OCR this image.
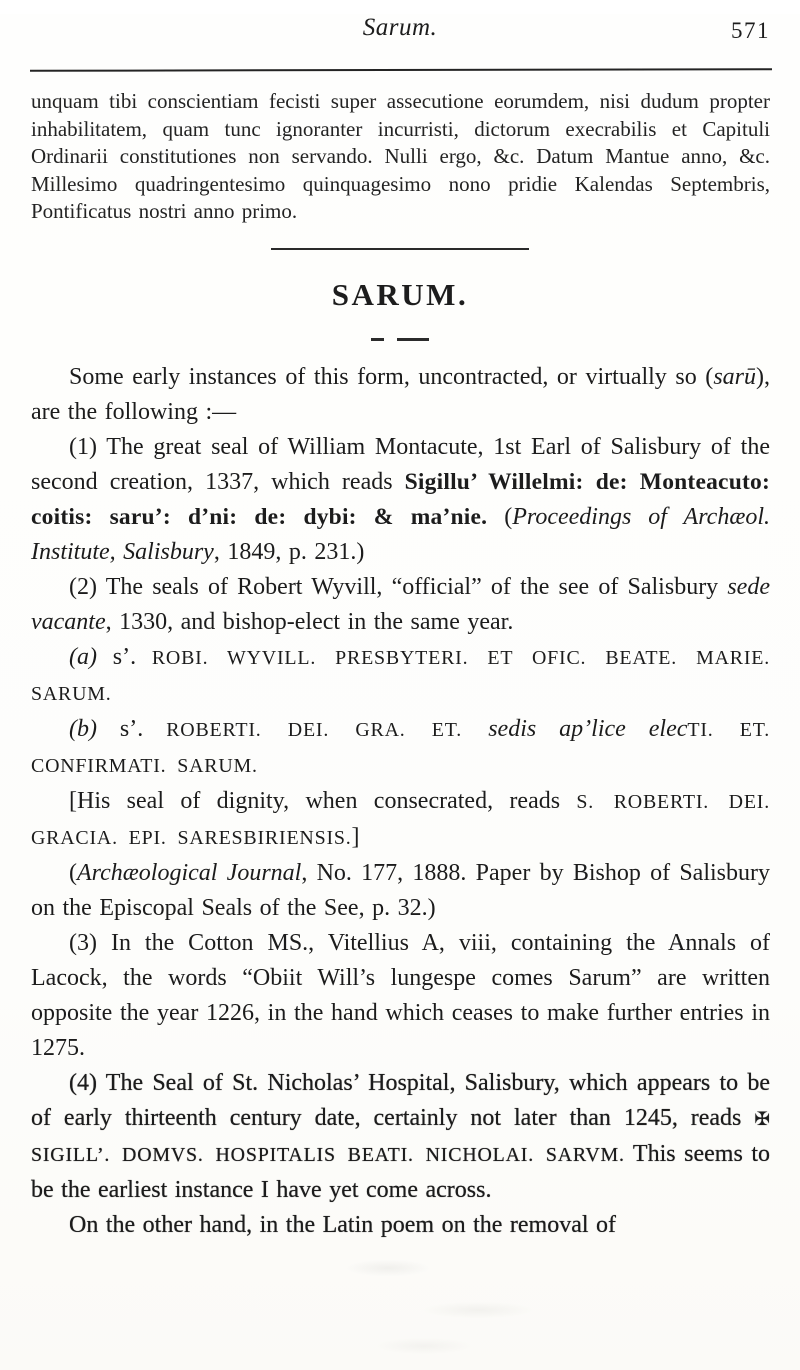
Sarum.	571

unquam tibi conscientiam fecisti super assecutione eorumdem, nisi dudum propter inhabilitatem, quam tunc ignoranter incurristi, dictorum execrabilis et Capituli Ordinarii constitutiones non servando. Nulli ergo, &c. Datum Mantue anno, &c. Millesimo quadringentesimo quinquagesimo nono pridie Kalendas Septembris, Pontificatus nostri anno primo.

SARUM.

Some early instances of this form, uncontracted, or virtually so (sarū), are the following :—

(1) The great seal of William Montacute, 1st Earl of Salisbury of the second creation, 1337, which reads Sigillu’ Willelmi: de: Monteacuto: coitis: saru’: d’ni: de: dybi: & ma’nie. (Proceedings of Archæol. Institute, Salisbury, 1849, p. 231.)

(2) The seals of Robert Wyvill, “official” of the see of Salisbury sede vacante, 1330, and bishop-elect in the same year.

(a) s’. ROBI. WYVILL. PRESBYTERI. ET OFIC. BEATE. MARIE. SARUM.

(b) s’. ROBERTI. DEI. GRA. ET. sedis ap’lice elecTI. ET. CONFIRMATI. SARUM.

[His seal of dignity, when consecrated, reads S. ROBERTI. DEI. GRACIA. EPI. SARESBIRIENSIS.]

(Archæological Journal, No. 177, 1888. Paper by Bishop of Salisbury on the Episcopal Seals of the See, p. 32.)

(3) In the Cotton MS., Vitellius A, viii, containing the Annals of Lacock, the words “Obiit Will’s lungespe comes Sarum” are written opposite the year 1226, in the hand which ceases to make further entries in 1275.

(4) The Seal of St. Nicholas’ Hospital, Salisbury, which appears to be of early thirteenth century date, certainly not later than 1245, reads ✠ SIGILL’. DOMVS. HOSPITALIS BEATI. NICHOLAI. SARVM. This seems to be the earliest instance I have yet come across.

On the other hand, in the Latin poem on the removal of
